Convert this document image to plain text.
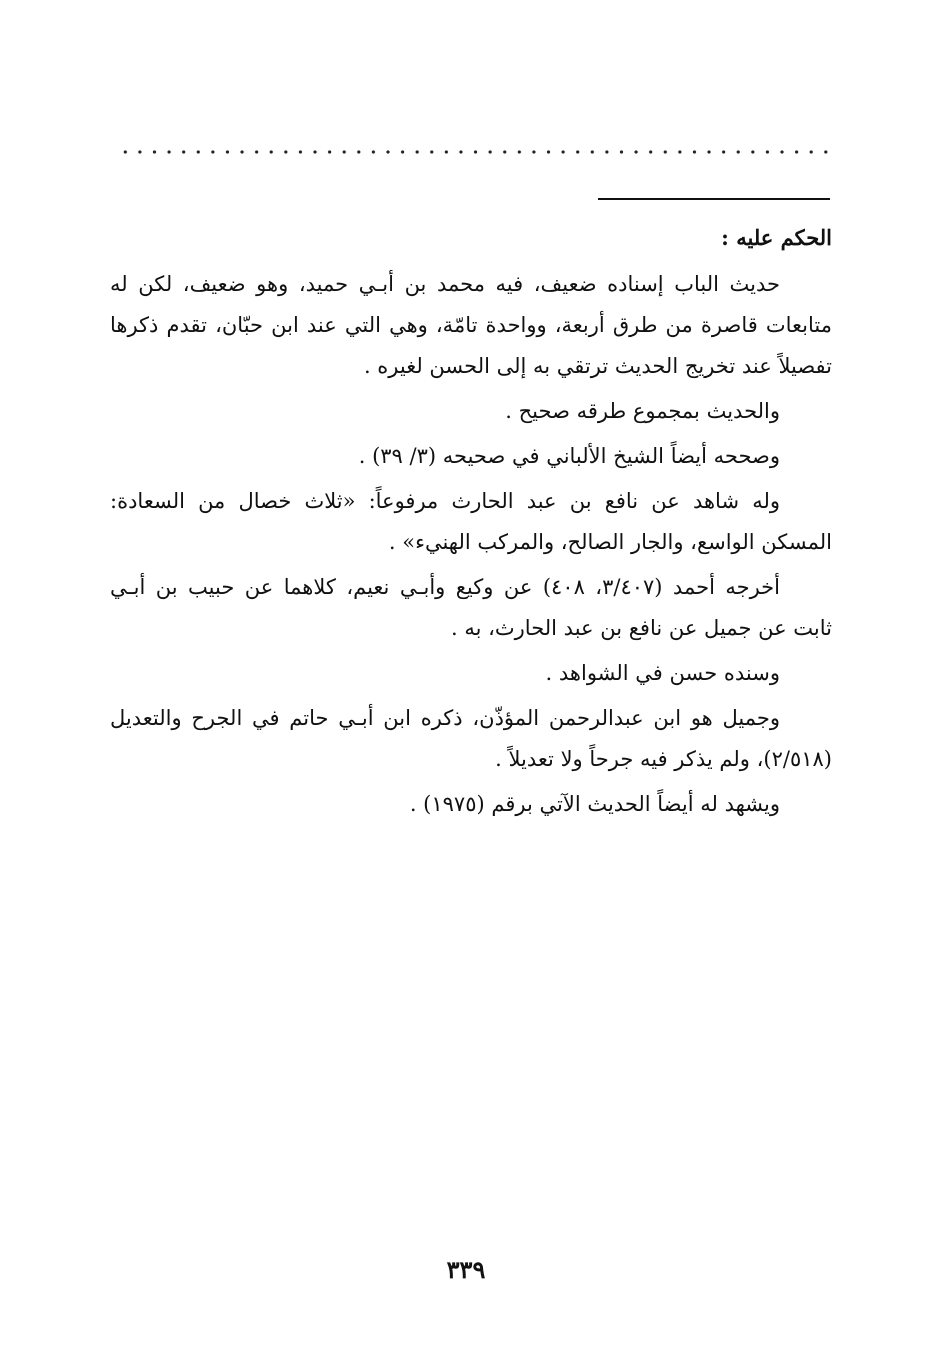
الحكم عليه :

حديث الباب إسناده ضعيف، فيه محمد بن أبـي حميد، وهو ضعيف، لكن له متابعات قاصرة من طرق أربعة، وواحدة تامّة، وهي التي عند ابن حبّان، تقدم ذكرها تفصيلاً عند تخريج الحديث ترتقي به إلى الحسن لغيره .

والحديث بمجموع طرقه صحيح .

وصححه أيضاً الشيخ الألباني في صحيحه (٣/ ٣٩) .

وله شاهد عن نافع بن عبد الحارث مرفوعاً: «ثلاث خصال من السعادة: المسكن الواسع، والجار الصالح، والمركب الهنيء» .

أخرجه أحمد (٣/٤٠٧، ٤٠٨) عن وكيع وأبـي نعيم، كلاهما عن حبيب بن أبـي ثابت عن جميل عن نافع بن عبد الحارث، به .

وسنده حسن في الشواهد .

وجميل هو ابن عبدالرحمن المؤذّن، ذكره ابن أبـي حاتم في الجرح والتعديل (٢/٥١٨)، ولم يذكر فيه جرحاً ولا تعديلاً .

ويشهد له أيضاً الحديث الآتي برقم (١٩٧٥) .

٣٣٩
